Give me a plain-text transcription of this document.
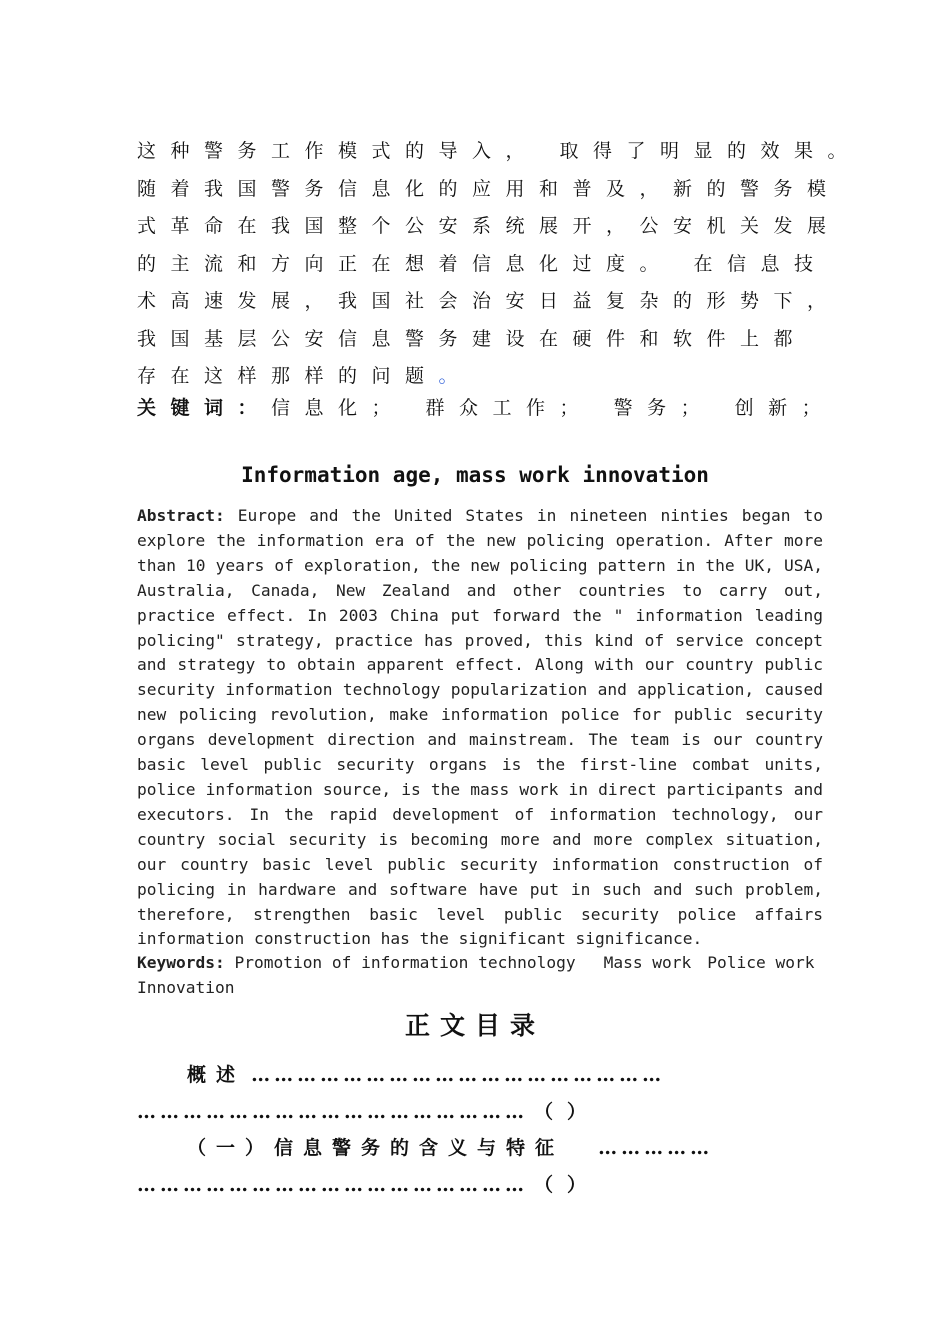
这种警务工作模式的导入， 取得了明显的效果。
随着我国警务信息化的应用和普及，新的警务模
式革命在我国整个公安系统展开，公安机关发展
的主流和方向正在想着信息化过度。 在信息技
术高速发展，我国社会治安日益复杂的形势下，
我国基层公安信息警务建设在硬件和软件上都
存在这样那样的问题。
关键词：信息化； 群众工作； 警务； 创新；
Information age, mass work innovation
Abstract: Europe and the United States in nineteen ninties began to explore the information era of the new policing operation. After more than 10 years of exploration, the new policing pattern in the UK, USA, Australia, Canada, New Zealand and other countries to carry out, practice effect. In 2003 China put forward the " information leading policing" strategy, practice has proved, this kind of service concept and strategy to obtain apparent effect. Along with our country public security information technology popularization and application, caused new policing revolution, make information police for public security organs development direction and mainstream. The team is our country basic level public security organs is the first-line combat units, police information source, is the mass work in direct participants and executors. In the rapid development of information technology, our country social security is becoming more and more complex situation, our country basic level public security information construction of policing in hardware and software have put in such and such problem, therefore, strengthen basic level public security police affairs information construction has the significant significance.
Keywords: Promotion of information technology Mass work Police work
Innovation
正文目录
概述 ………………………………………………
…………………………………………… （）
（一）信息警务的含义与特征 ……………
…………………………………………… （）
